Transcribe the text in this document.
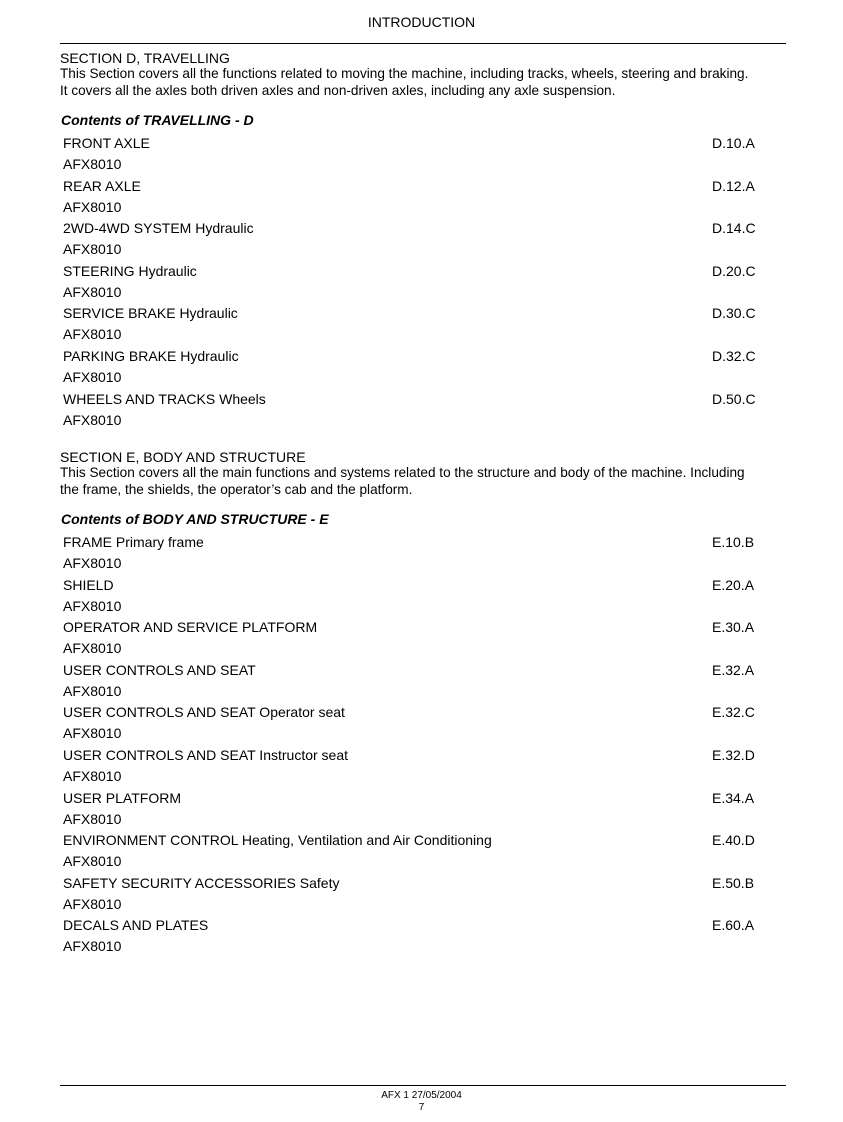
INTRODUCTION
SECTION D, TRAVELLING
This Section covers all the functions related to moving the machine, including tracks, wheels, steering and braking.
It covers all the axles both driven axles and non-driven axles, including any axle suspension.
Contents of TRAVELLING - D
FRONT AXLE	D.10.A
AFX8010
REAR AXLE	D.12.A
AFX8010
2WD-4WD SYSTEM Hydraulic	D.14.C
AFX8010
STEERING Hydraulic	D.20.C
AFX8010
SERVICE BRAKE Hydraulic	D.30.C
AFX8010
PARKING BRAKE Hydraulic	D.32.C
AFX8010
WHEELS AND TRACKS Wheels	D.50.C
AFX8010
SECTION E, BODY AND STRUCTURE
This Section covers all the main functions and systems related to the structure and body of the machine. Including
the frame, the shields, the operator’s cab and the platform.
Contents of BODY AND STRUCTURE - E
FRAME Primary frame	E.10.B
AFX8010
SHIELD	E.20.A
AFX8010
OPERATOR AND SERVICE PLATFORM	E.30.A
AFX8010
USER CONTROLS AND SEAT	E.32.A
AFX8010
USER CONTROLS AND SEAT Operator seat	E.32.C
AFX8010
USER CONTROLS AND SEAT Instructor seat	E.32.D
AFX8010
USER PLATFORM	E.34.A
AFX8010
ENVIRONMENT CONTROL Heating, Ventilation and Air Conditioning	E.40.D
AFX8010
SAFETY SECURITY ACCESSORIES Safety	E.50.B
AFX8010
DECALS AND PLATES	E.60.A
AFX8010
AFX 1 27/05/2004
7
